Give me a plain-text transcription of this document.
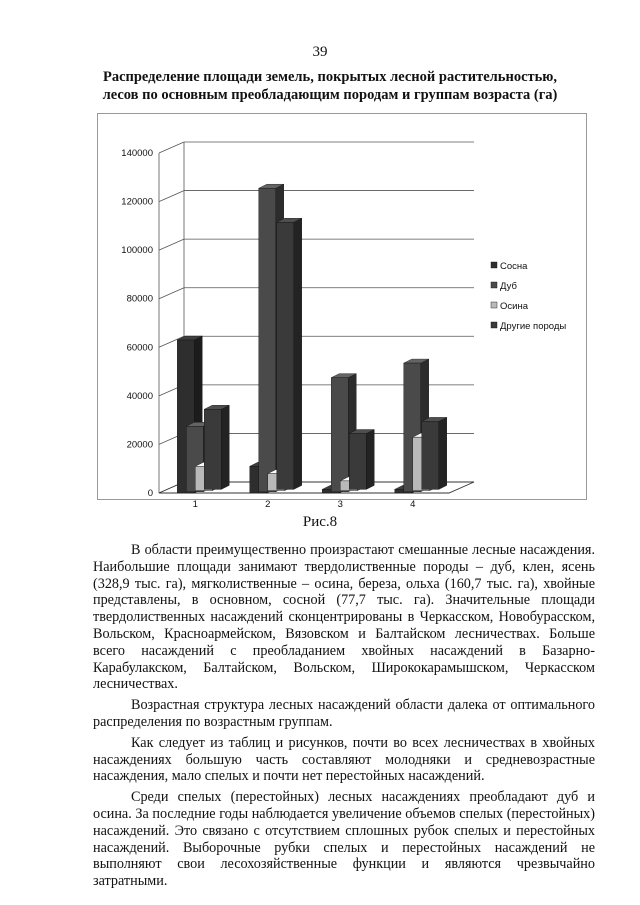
39
Распределение площади земель, покрытых лесной растительностью,
лесов по основным преобладающим породам и группам возраста (га)
0
20000
40000
60000
80000
100000
120000
140000
1	2	3	4
Сосна
Дуб
Осина
Другие породы
Рис.8

В области преимущественно произрастают смешанные лесные насаждения. Наибольшие площади занимают твердолиственные породы – дуб, клен, ясень (328,9 тыс. га), мягколиственные – осина, береза, ольха (160,7 тыс. га), хвойные представлены, в основном, сосной (77,7 тыс. га). Значительные площади твердолиственных насаждений сконцентрированы в Черкасском, Новобурасском, Вольском, Красноармейском, Вязовском и Балтайском лесничествах. Больше всего насаждений с преобладанием хвойных насаждений в Базарно-Карабулакском, Балтайском, Вольском, Ширококарамышском, Черкасском лесничествах.

Возрастная структура лесных насаждений области далека от оптимального распределения по возрастным группам.

Как следует из таблиц и рисунков, почти во всех лесничествах в хвойных насаждениях большую часть составляют молодняки и средневозрастные насаждения, мало спелых и почти нет перестойных насаждений.

Среди спелых (перестойных) лесных насаждениях преобладают дуб и осина. За последние годы наблюдается увеличение объемов спелых (перестойных) насаждений. Это связано с отсутствием сплошных рубок спелых и перестойных насаждений. Выборочные рубки спелых и перестойных насаждений не выполняют свои лесохозяйственные функции и являются чрезвычайно затратными.
